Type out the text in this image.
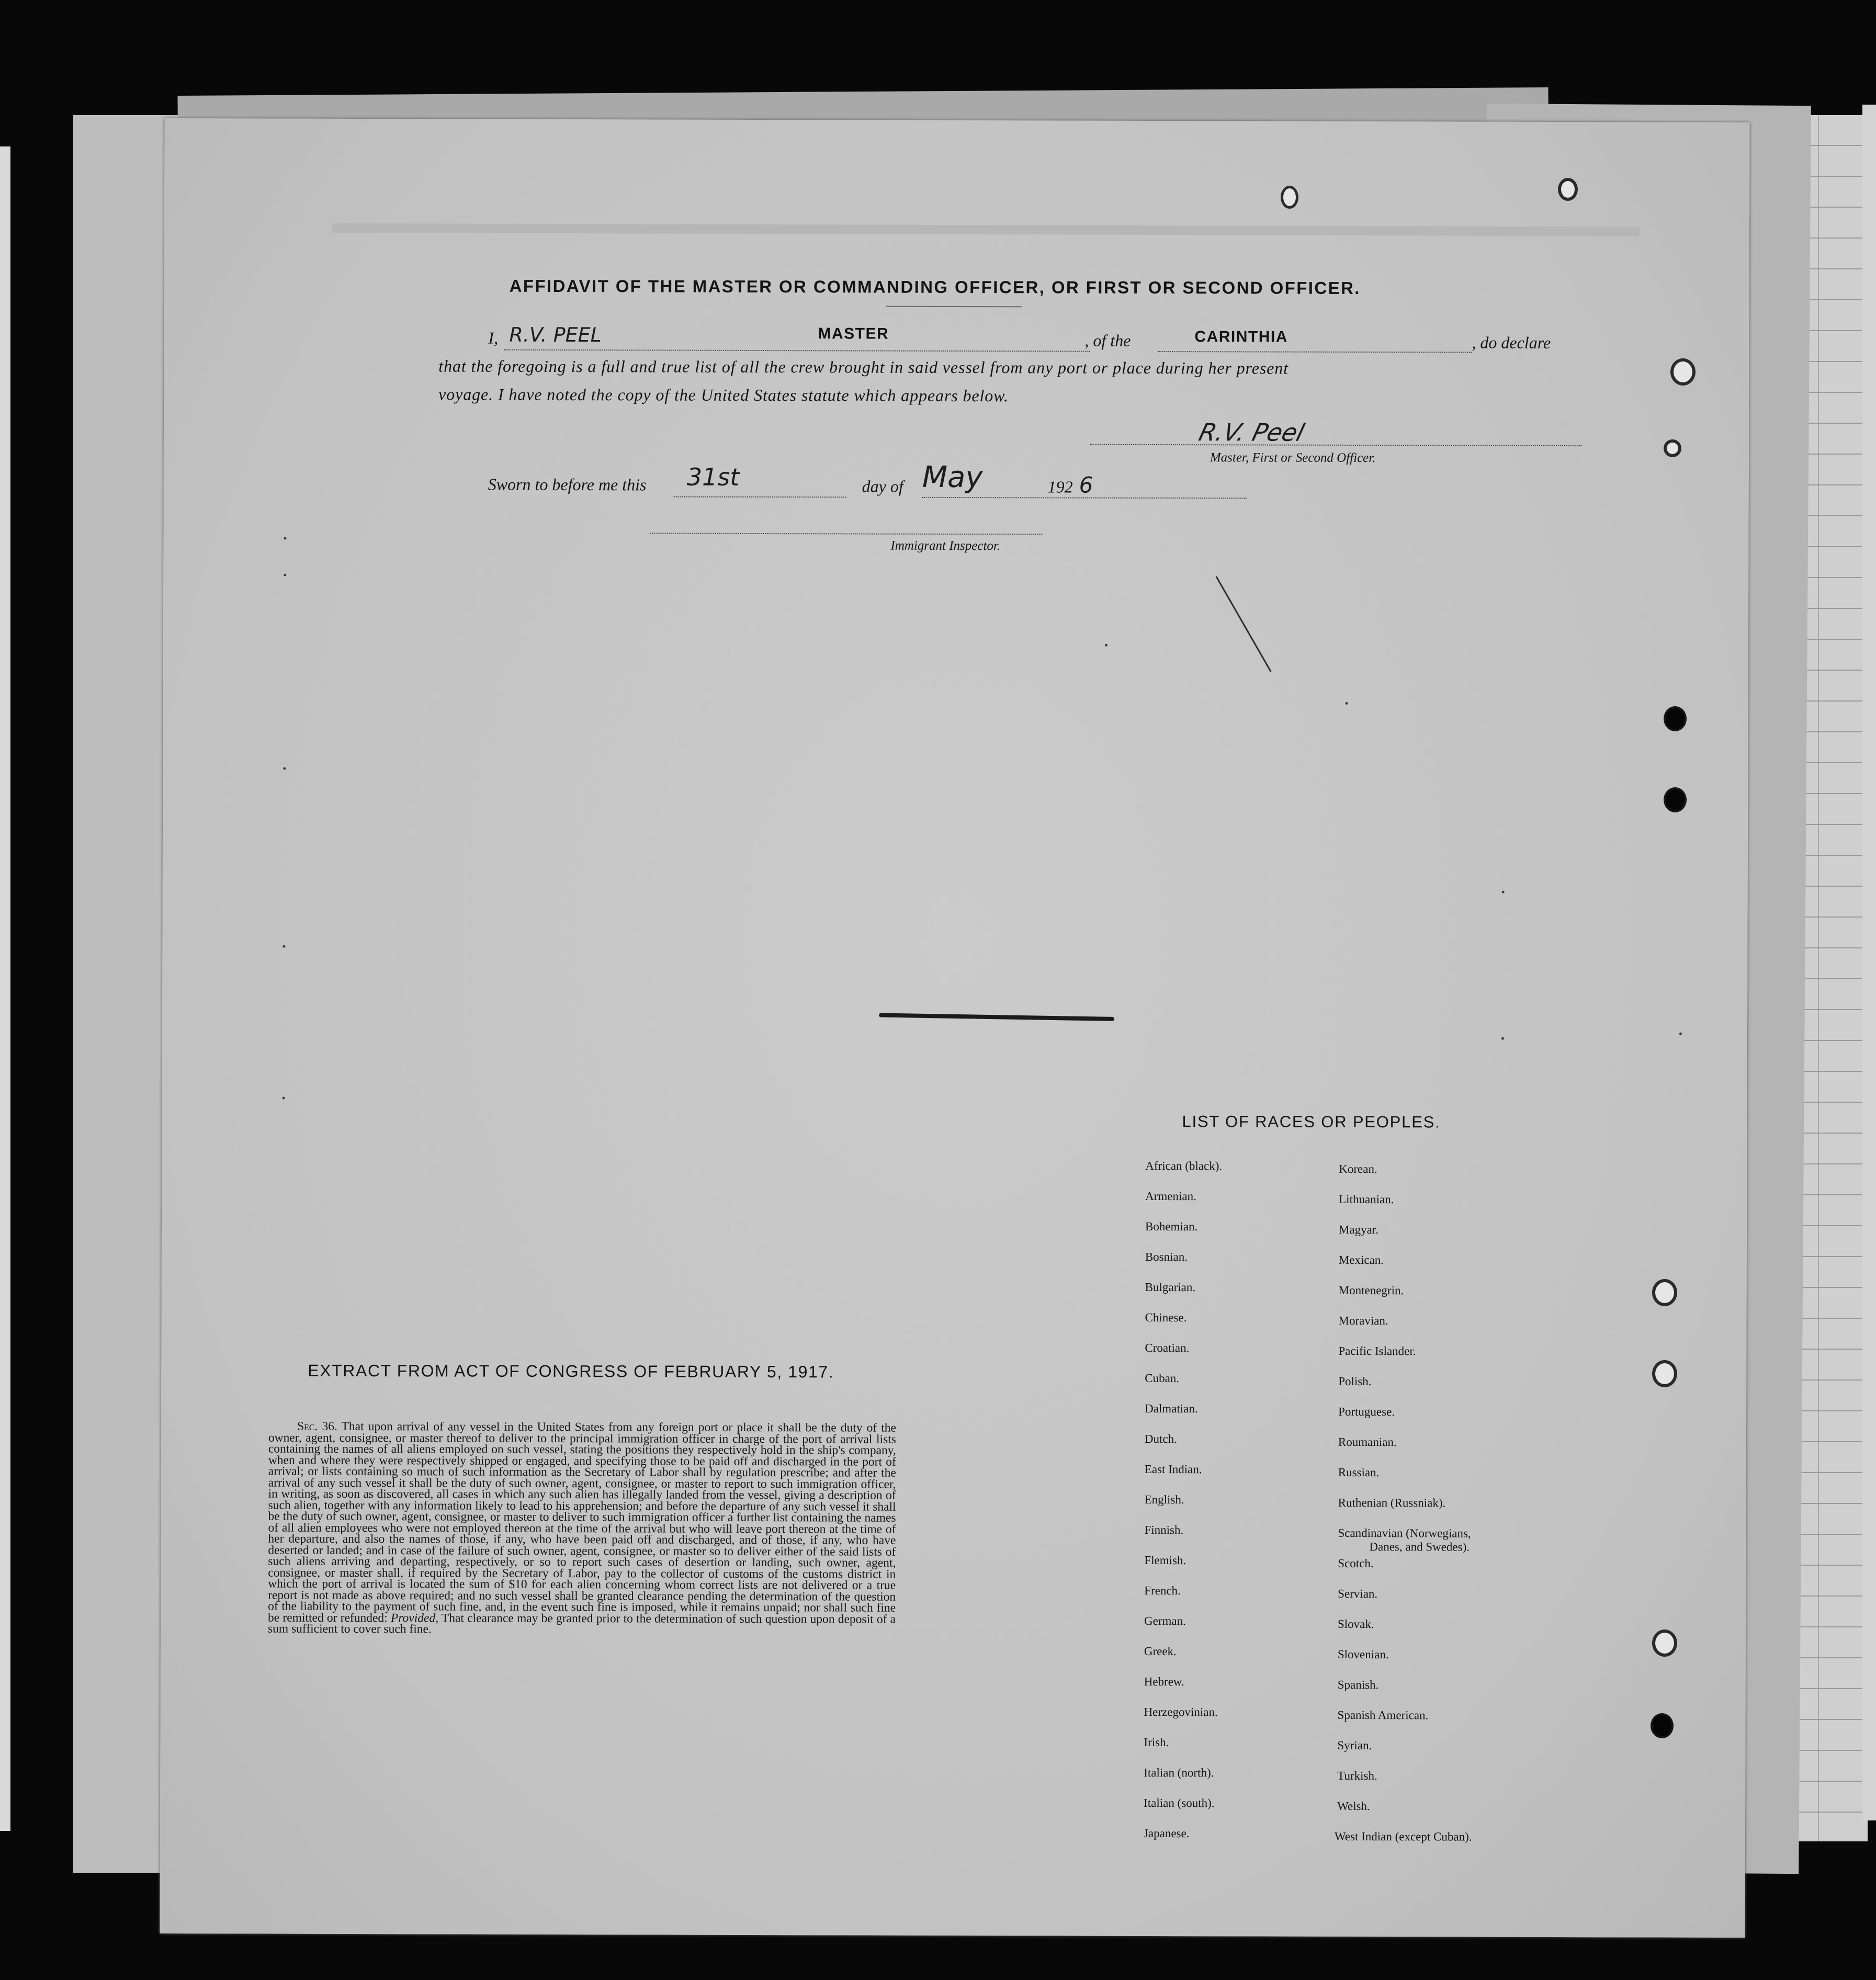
AFFIDAVIT OF THE MASTER OR COMMANDING OFFICER, OR FIRST OR SECOND OFFICER.
I, R.V. PEEL	MASTER	, of the	CARINTHIA	, do declare
that the foregoing is a full and true list of all the crew brought in said vessel from any port or place during her present
voyage. I have noted the copy of the United States statute which appears below.
R.V. Peel
Master, First or Second Officer.
Sworn to before me this 31st	day of May	192 6
Immigrant Inspector.
EXTRACT FROM ACT OF CONGRESS OF FEBRUARY 5, 1917.
Sec. 36. That upon arrival of any vessel in the United States from any foreign port or place it shall be the duty of the owner, agent, consignee, or master thereof to deliver to the principal immigration officer in charge of the port of arrival lists containing the names of all aliens employed on such vessel, stating the positions they respectively hold in the ship's company, when and where they were respectively shipped or engaged, and specifying those to be paid off and discharged in the port of arrival; or lists containing so much of such information as the Secretary of Labor shall by regulation prescribe; and after the arrival of any such vessel it shall be the duty of such owner, agent, consignee, or master to report to such immigration officer, in writing, as soon as discovered, all cases in which any such alien has illegally landed from the vessel, giving a description of such alien, together with any information likely to lead to his apprehension; and before the departure of any such vessel it shall be the duty of such owner, agent, consignee, or master to deliver to such immigration officer a further list containing the names of all alien employees who were not employed thereon at the time of the arrival but who will leave port thereon at the time of her departure, and also the names of those, if any, who have been paid off and discharged, and of those, if any, who have deserted or landed; and in case of the failure of such owner, agent, consignee, or master so to deliver either of the said lists of such aliens arriving and departing, respectively, or so to report such cases of desertion or landing, such owner, agent, consignee, or master shall, if required by the Secretary of Labor, pay to the collector of customs of the customs district in which the port of arrival is located the sum of $10 for each alien concerning whom correct lists are not delivered or a true report is not made as above required; and no such vessel shall be granted clearance pending the determination of the question of the liability to the payment of such fine, and, in the event such fine is imposed, while it remains unpaid; nor shall such fine be remitted or refunded: Provided, That clearance may be granted prior to the determination of such question upon deposit of a sum sufficient to cover such fine.
LIST OF RACES OR PEOPLES.
African (black).
Armenian.
Bohemian.
Bosnian.
Bulgarian.
Chinese.
Croatian.
Cuban.
Dalmatian.
Dutch.
East Indian.
English.
Finnish.
Flemish.
French.
German.
Greek.
Hebrew.
Herzegovinian.
Irish.
Italian (north).
Italian (south).
Japanese.
Korean.
Lithuanian.
Magyar.
Mexican.
Montenegrin.
Moravian.
Pacific Islander.
Polish.
Portuguese.
Roumanian.
Russian.
Ruthenian (Russniak).
Scandinavian (Norwegians,
Danes, and Swedes).
Scotch.
Servian.
Slovak.
Slovenian.
Spanish.
Spanish American.
Syrian.
Turkish.
Welsh.
West Indian (except Cuban).
